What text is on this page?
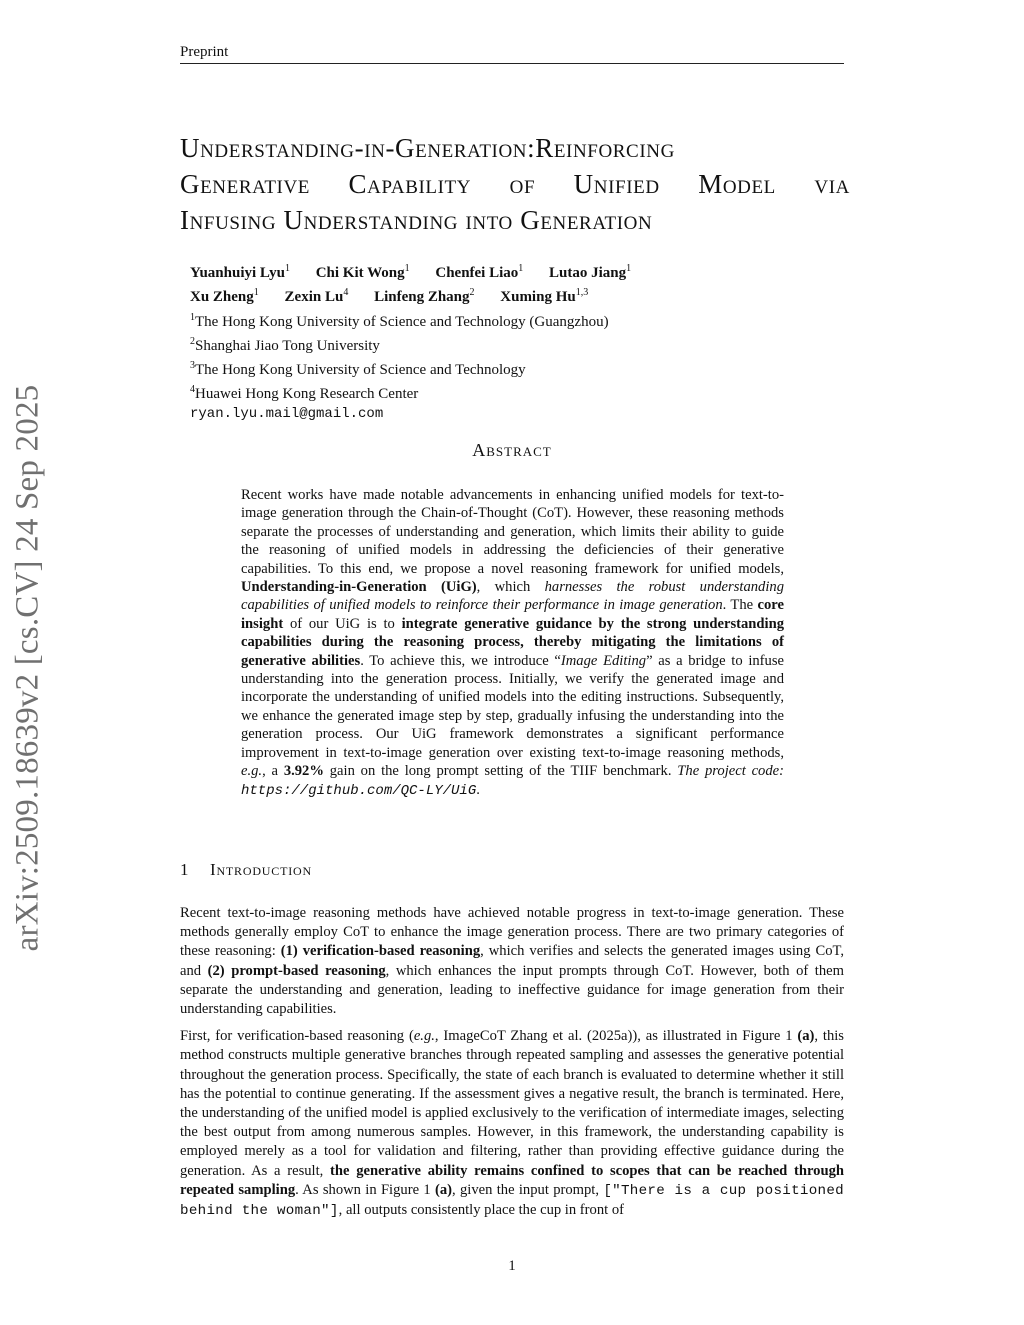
arXiv:2509.18639v2 [cs.CV] 24 Sep 2025
Preprint
Understanding-in-Generation:Reinforcing
Generative Capability of Unified Model via
Infusing Understanding into Generation
Yuanhuiyi Lyu$^1$ Chi Kit Wong$^1$ Chenfei Liao$^1$ Lutao Jiang$^1$
Xu Zheng$^1$ Zexin Lu$^4$ Linfeng Zhang$^2$ Xuming Hu$^{1,3}$
$^1$The Hong Kong University of Science and Technology (Guangzhou)
$^2$Shanghai Jiao Tong University
$^3$The Hong Kong University of Science and Technology
$^4$Huawei Hong Kong Research Center
ryan.lyu.mail@gmail.com
Abstract
Recent works have made notable advancements in enhancing unified models for text-to-image generation through the Chain-of-Thought (CoT). However, these reasoning methods separate the processes of understanding and generation, which limits their ability to guide the reasoning of unified models in addressing the deficiencies of their generative capabilities. To this end, we propose a novel reasoning framework for unified models, Understanding-in-Generation (UiG), which harnesses the robust understanding capabilities of unified models to reinforce their performance in image generation. The core insight of our UiG is to integrate generative guidance by the strong understanding capabilities during the reasoning process, thereby mitigating the limitations of generative abilities. To achieve this, we introduce “Image Editing” as a bridge to infuse understanding into the generation process. Initially, we verify the generated image and incorporate the understanding of unified models into the editing instructions. Subsequently, we enhance the generated image step by step, gradually infusing the understanding into the generation process. Our UiG framework demonstrates a significant performance improvement in text-to-image generation over existing text-to-image reasoning methods, e.g., a 3.92% gain on the long prompt setting of the TIIF benchmark. The project code: https://github.com/QC-LY/UiG.
1 Introduction

Recent text-to-image reasoning methods have achieved notable progress in text-to-image generation. These methods generally employ CoT to enhance the image generation process. There are two primary categories of these reasoning: (1) verification-based reasoning, which verifies and selects the generated images using CoT, and (2) prompt-based reasoning, which enhances the input prompts through CoT. However, both of them separate the understanding and generation, leading to ineffective guidance for image generation from their understanding capabilities.

First, for verification-based reasoning (e.g., ImageCoT Zhang et al. (2025a)), as illustrated in Figure 1 (a), this method constructs multiple generative branches through repeated sampling and assesses the generative potential throughout the generation process. Specifically, the state of each branch is evaluated to determine whether it still has the potential to continue generating. If the assessment gives a negative result, the branch is terminated. Here, the understanding of the unified model is applied exclusively to the verification of intermediate images, selecting the best output from among numerous samples. However, in this framework, the understanding capability is employed merely as a tool for validation and filtering, rather than providing effective guidance during the generation. As a result, the generative ability remains confined to scopes that can be reached through repeated sampling. As shown in Figure 1 (a), given the input prompt, ["There is a cup positioned behind the woman"], all outputs consistently place the cup in front of

1
